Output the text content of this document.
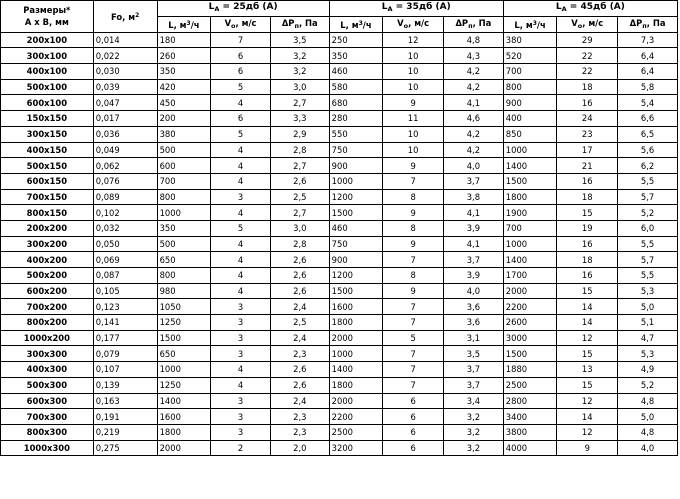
Размеры*
A x B, мм	Fo, $м^2$	$L_A = 25дб$ (A)			$L_A = 35дб$ (A)			$L_A = 45дб$ (A)		
		L, $м^3/ч$	$V_o$, м/с	$\Delta P_п$, Па	L, $м^3/ч$	$V_o$, м/с	$\Delta P_п$, Па	L, $м^3/ч$	$V_o$, м/с	$\Delta P_п$, Па
200x100	0,014	180	7	3,5	250	12	4,8	380	29	7,3
300x100	0,022	260	6	3,2	350	10	4,3	520	22	6,4
400x100	0,030	350	6	3,2	460	10	4,2	700	22	6,4
500x100	0,039	420	5	3,0	580	10	4,2	800	18	5,8
600x100	0,047	450	4	2,7	680	9	4,1	900	16	5,4
150x150	0,017	200	6	3,3	280	11	4,6	400	24	6,6
300x150	0,036	380	5	2,9	550	10	4,2	850	23	6,5
400x150	0,049	500	4	2,8	750	10	4,2	1000	17	5,6
500x150	0,062	600	4	2,7	900	9	4,0	1400	21	6,2
600x150	0,076	700	4	2,6	1000	7	3,7	1500	16	5,5
700x150	0,089	800	3	2,5	1200	8	3,8	1800	18	5,7
800x150	0,102	1000	4	2,7	1500	9	4,1	1900	15	5,2
200x200	0,032	350	5	3,0	460	8	3,9	700	19	6,0
300x200	0,050	500	4	2,8	750	9	4,1	1000	16	5,5
400x200	0,069	650	4	2,6	900	7	3,7	1400	18	5,7
500x200	0,087	800	4	2,6	1200	8	3,9	1700	16	5,5
600x200	0,105	980	4	2,6	1500	9	4,0	2000	15	5,3
700x200	0,123	1050	3	2,4	1600	7	3,6	2200	14	5,0
800x200	0,141	1250	3	2,5	1800	7	3,6	2600	14	5,1
1000x200	0,177	1500	3	2,4	2000	5	3,1	3000	12	4,7
300x300	0,079	650	3	2,3	1000	7	3,5	1500	15	5,3
400x300	0,107	1000	4	2,6	1400	7	3,7	1880	13	4,9
500x300	0,139	1250	4	2,6	1800	7	3,7	2500	15	5,2
600x300	0,163	1400	3	2,4	2000	6	3,4	2800	12	4,8
700x300	0,191	1600	3	2,3	2200	6	3,2	3400	14	5,0
800x300	0,219	1800	3	2,3	2500	6	3,2	3800	12	4,8
1000x300	0,275	2000	2	2,0	3200	6	3,2	4000	9	4,0
